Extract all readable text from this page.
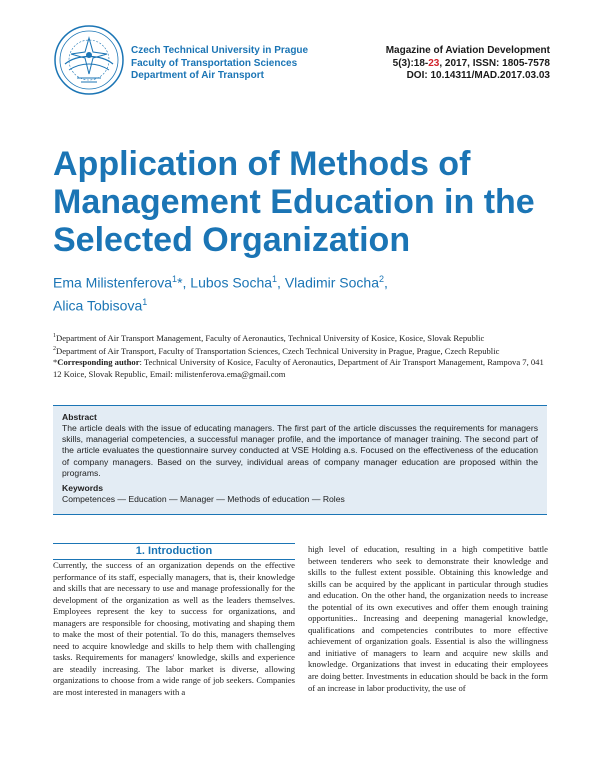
Czech Technical University in Prague
Faculty of Transportation Sciences
Department of Air Transport
Magazine of Aviation Development
5(3):18-23, 2017, ISSN: 1805-7578
DOI: 10.14311/MAD.2017.03.03
Application of Methods of Management Education in the Selected Organization
Ema Milistenferova$^1$*, Lubos Socha$^1$, Vladimir Socha$^2$,
Alica Tobisova$^1$
$^1$Department of Air Transport Management, Faculty of Aeronautics, Technical University of Kosice, Kosice, Slovak Republic
$^2$Department of Air Transport, Faculty of Transportation Sciences, Czech Technical University in Prague, Prague, Czech Republic
*Corresponding author: Technical University of Kosice, Faculty of Aeronautics, Department of Air Transport Management, Rampova 7, 041 12 Koice, Slovak Republic, Email: milistenferova.ema@gmail.com
Abstract
The article deals with the issue of educating managers. The first part of the article discusses the requirements for managers skills, managerial competencies, a successful manager profile, and the importance of manager training. The second part of the article evaluates the questionnaire survey conducted at VSE Holding a.s. Focused on the effectiveness of the education of company managers. Based on the survey, individual areas of company manager education are proposed within the programs.
Keywords
Competences — Education — Manager — Methods of education — Roles
1. Introduction
Currently, the success of an organization depends on the effective performance of its staff, especially managers, that is, their knowledge and skills that are necessary to use and manage professionally for the development of the organization as well as the leaders themselves. Employees represent the key to success for organizations, and managers are responsible for choosing, motivating and shaping them to make the most of their potential. To do this, managers themselves need to acquire knowledge and skills to help them with challenging tasks. Requirements for managers' knowledge, skills and experience are steadily increasing. The labor market is diverse, allowing organizations to choose from a wide range of job seekers. Companies are most interested in managers with a
high level of education, resulting in a high competitive battle between tenderers who seek to demonstrate their knowledge and skills to the fullest extent possible. Obtaining this knowledge and skills can be acquired by the applicant in particular through studies and education. On the other hand, the organization needs to increase the potential of its own executives and offer them enough training opportunities.. Increasing and deepening managerial knowledge, qualifications and competencies contributes to more effective achievement of organization goals. Essential is also the willingness and initiative of managers to learn and acquire new skills and knowledge. Organizations that invest in educating their employees are doing better. Investments in education should be back in the form of an increase in labor productivity, the use of
